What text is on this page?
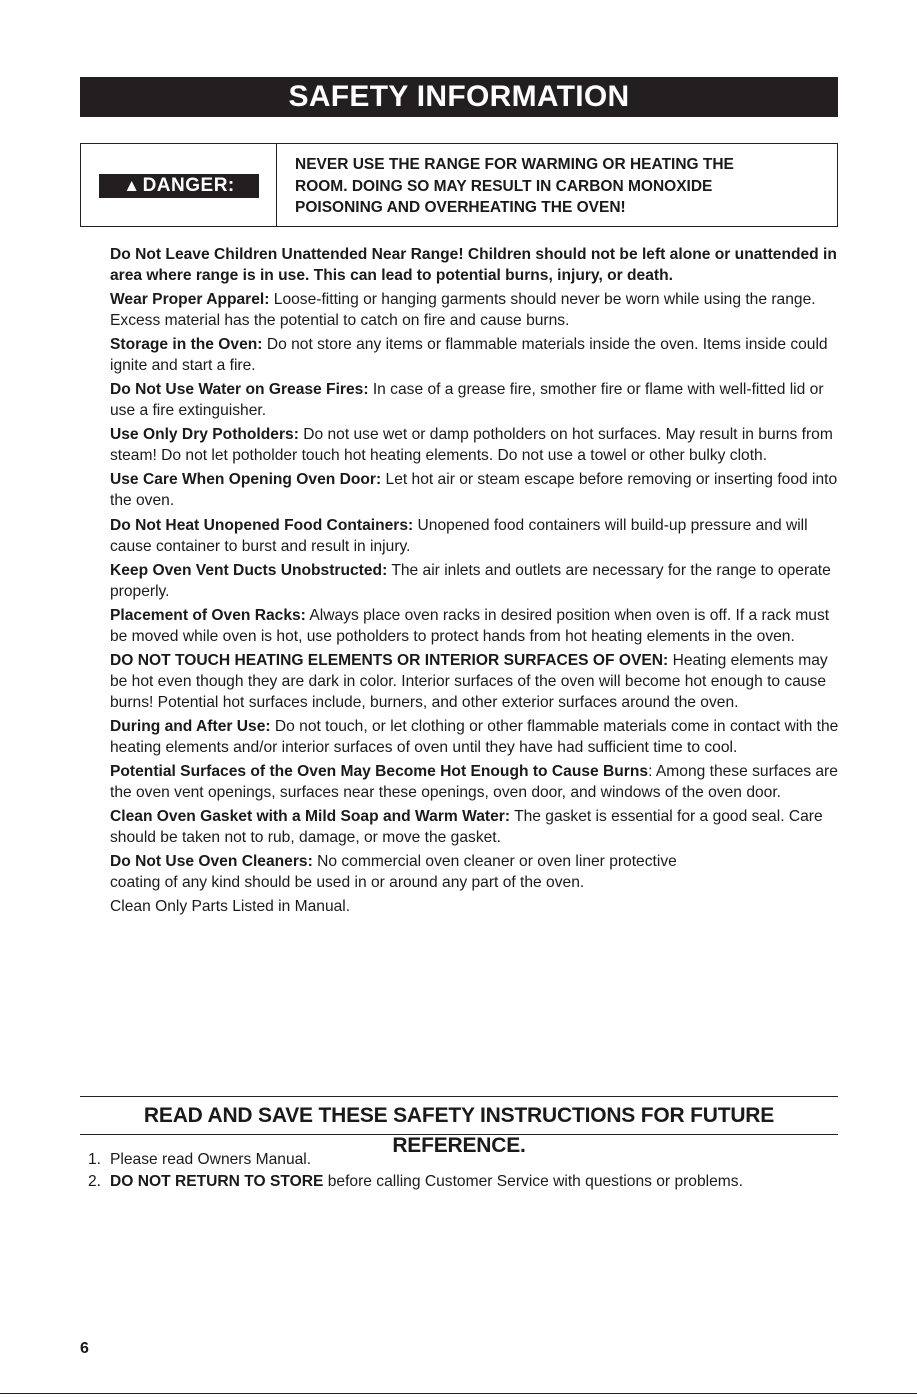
SAFETY INFORMATION
▲ DANGER:
NEVER USE THE RANGE FOR WARMING OR HEATING THE
ROOM. DOING SO MAY RESULT IN CARBON MONOXIDE
POISONING AND OVERHEATING THE OVEN!

Do Not Leave Children Unattended Near Range! Children should not be left alone or unattended in area where range is in use. This can lead to potential burns, injury, or death.

Wear Proper Apparel: Loose-fitting or hanging garments should never be worn while using the range. Excess material has the potential to catch on fire and cause burns.

Storage in the Oven: Do not store any items or flammable materials inside the oven. Items inside could ignite and start a fire.

Do Not Use Water on Grease Fires: In case of a grease fire, smother fire or flame with well-fitted lid or use a fire extinguisher.

Use Only Dry Potholders: Do not use wet or damp potholders on hot surfaces. May result in burns from steam! Do not let potholder touch hot heating elements. Do not use a towel or other bulky cloth.

Use Care When Opening Oven Door: Let hot air or steam escape before removing or inserting food into the oven.

Do Not Heat Unopened Food Containers: Unopened food containers will build-up pressure and will cause container to burst and result in injury.

Keep Oven Vent Ducts Unobstructed: The air inlets and outlets are necessary for the range to operate properly.

Placement of Oven Racks: Always place oven racks in desired position when oven is off. If a rack must be moved while oven is hot, use potholders to protect hands from hot heating elements in the oven.

DO NOT TOUCH HEATING ELEMENTS OR INTERIOR SURFACES OF OVEN: Heating elements may be hot even though they are dark in color. Interior surfaces of the oven will become hot enough to cause burns! Potential hot surfaces include, burners, and other exterior surfaces around the oven.

During and After Use: Do not touch, or let clothing or other flammable materials come in contact with the heating elements and/or interior surfaces of oven until they have had sufficient time to cool.

Potential Surfaces of the Oven May Become Hot Enough to Cause Burns: Among these surfaces are the oven vent openings, surfaces near these openings, oven door, and windows of the oven door.

Clean Oven Gasket with a Mild Soap and Warm Water: The gasket is essential for a good seal. Care should be taken not to rub, damage, or move the gasket.

Do Not Use Oven Cleaners: No commercial oven cleaner or oven liner protective
coating of any kind should be used in or around any part of the oven.

Clean Only Parts Listed in Manual.

READ AND SAVE THESE SAFETY INSTRUCTIONS FOR FUTURE REFERENCE.
1. Please read Owners Manual.
2. DO NOT RETURN TO STORE before calling Customer Service with questions or problems.
6
